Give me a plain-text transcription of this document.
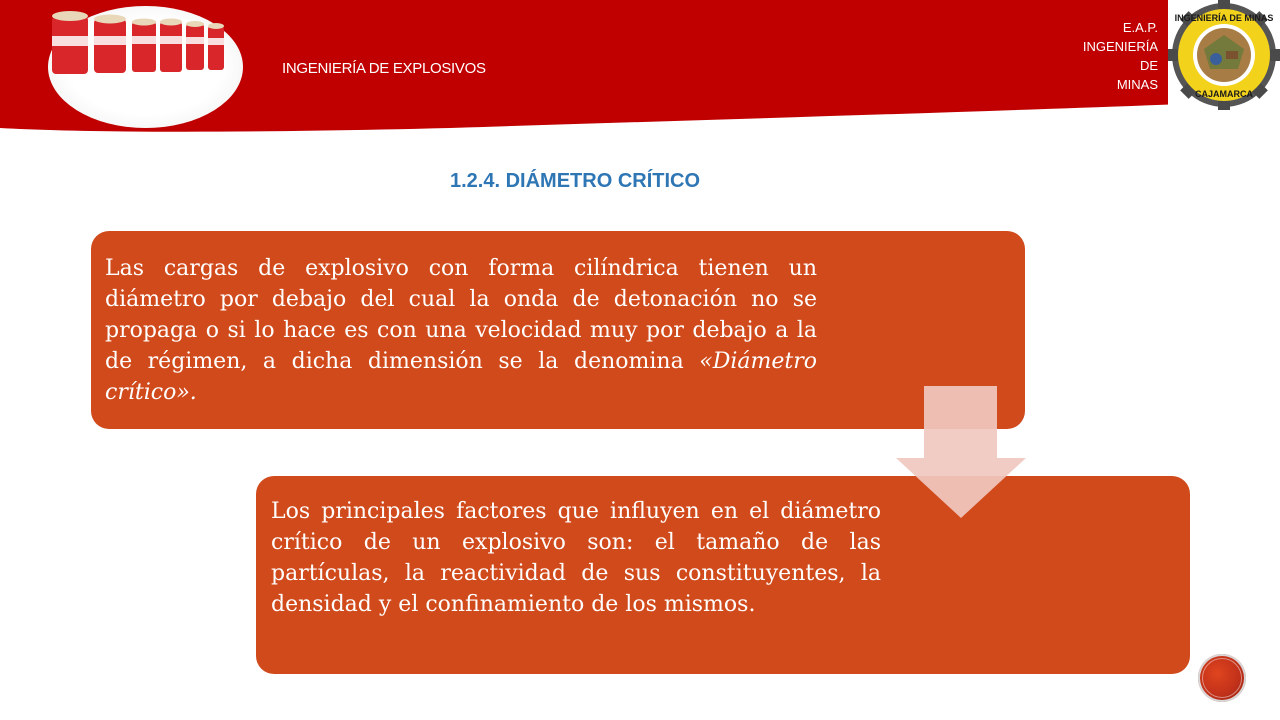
INGENIERÍA DE EXPLOSIVOS
E.A.P.
INGENIERÍA
DE
MINAS
INGENIERÍA DE MINAS
CAJAMARCA
1.2.4. DIÁMETRO CRÍTICO
Las cargas de explosivo con forma cilíndrica tienen un diámetro por debajo del cual la onda de detonación no se propaga o si lo hace es con una velocidad muy por debajo a la de régimen, a dicha dimensión se la denomina «Diámetro crítico».
Los principales factores que influyen en el diámetro crítico de un explosivo son: el tamaño de las partículas, la reactividad de sus constituyentes, la densidad y el confinamiento de los mismos.
